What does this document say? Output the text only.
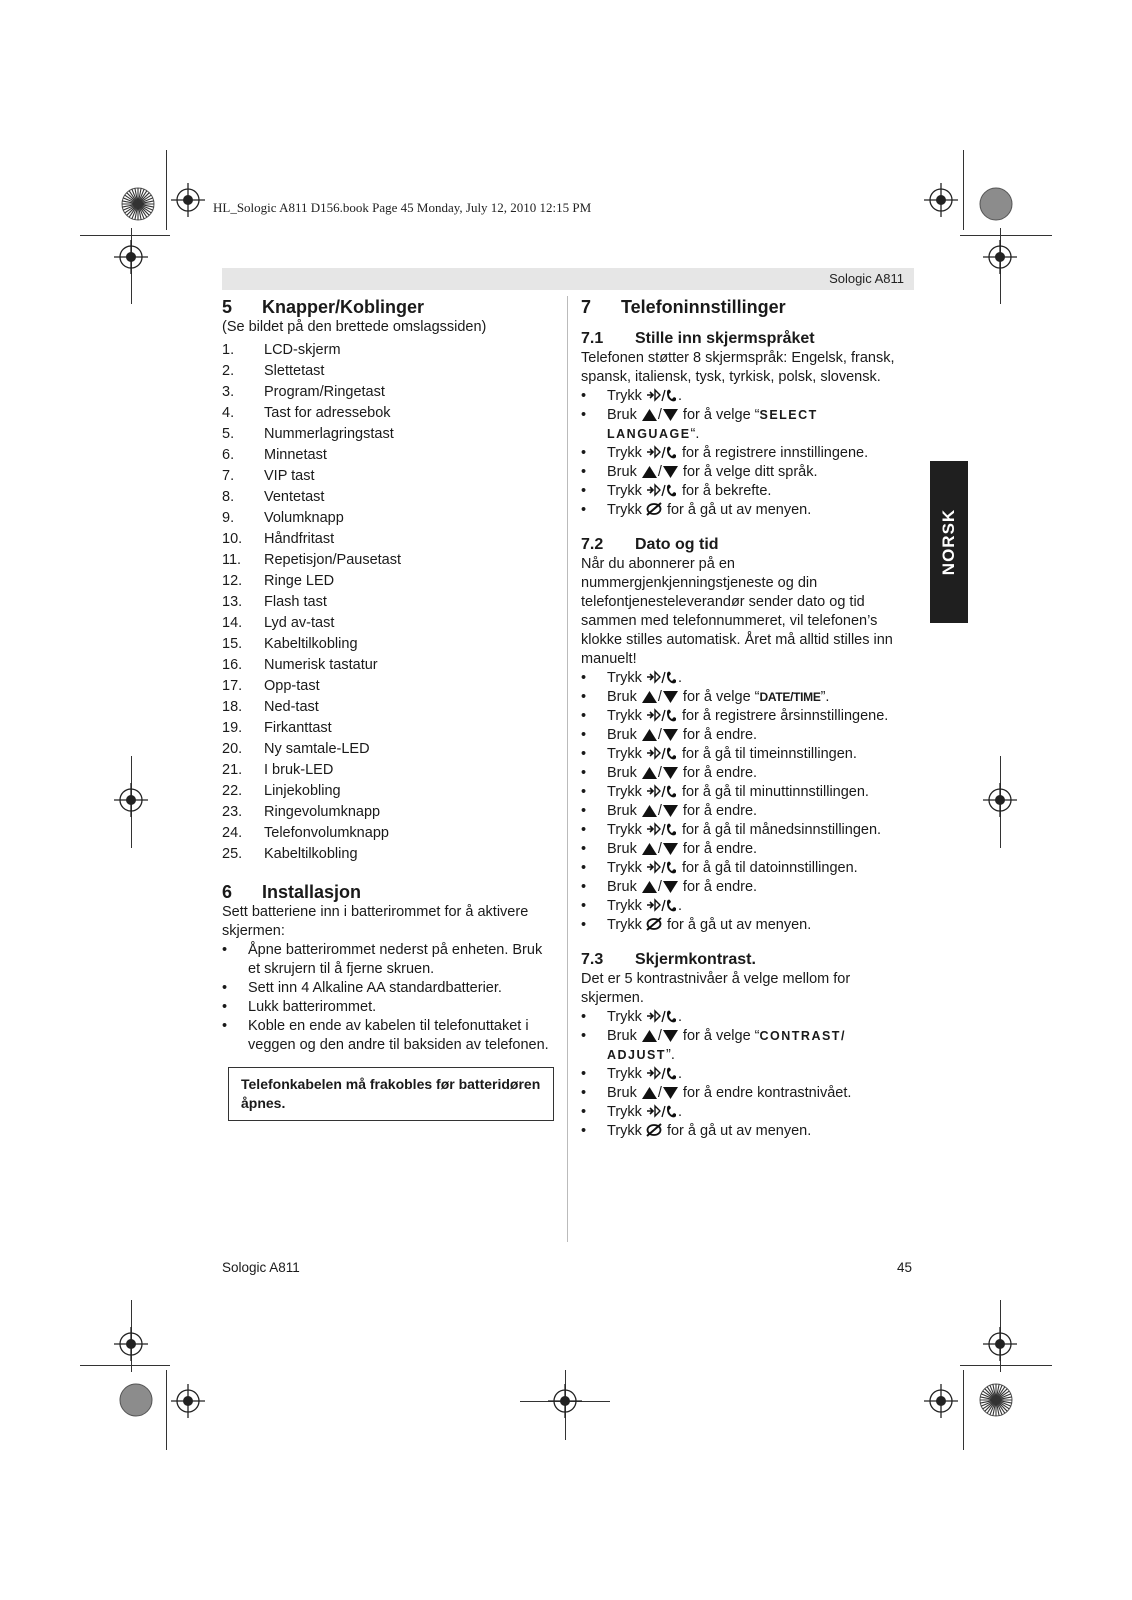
HL_Sologic A811 D156.book Page 45 Monday, July 12, 2010 12:15 PM
Sologic A811
NORSK
5	Knapper/Koblinger

(Se bildet på den brettede omslagssiden)

1.	LCD-skjerm
2.	Slettetast
3.	Program/Ringetast
4.	Tast for adressebok
5.	Nummerlagringstast
6.	Minnetast
7.	VIP tast
8.	Ventetast
9.	Volumknapp
10.	Håndfritast
11.	Repetisjon/Pausetast
12.	Ringe LED
13.	Flash tast
14.	Lyd av-tast
15.	Kabeltilkobling
16.	Numerisk tastatur
17.	Opp-tast
18.	Ned-tast
19.	Firkanttast
20.	Ny samtale-LED
21.	I bruk-LED
22.	Linjekobling
23.	Ringevolumknapp
24.	Telefonvolumknapp
25.	Kabeltilkobling
6	Installasjon

Sett batteriene inn i batterirommet for å aktivere skjermen:

•	Åpne batterirommet nederst på enheten. Bruk et skrujern til å fjerne skruen.
•	Sett inn 4 Alkaline AA standardbatterier.
•	Lukk batterirommet.
•	Koble en ende av kabelen til telefonuttaket i veggen og den andre til baksiden av telefonen.
Telefonkabelen må frakobles før batteridøren åpnes.
7	Telefoninnstillinger
7.1	Stille inn skjermspråket

Telefonen støtter 8 skjermspråk: Engelsk, fransk, spansk, italiensk, tysk, tyrkisk, polsk, slovensk.

•	Trykk .
•	Bruk / for å velge “SELECT
LANGUAGE“.
•	Trykk	for å registrere innstillingene.
•	Bruk / for å velge ditt språk.
•	Trykk	for å bekrefte.
•	Trykk for å gå ut av menyen.
7.2	Dato og tid

Når du abonnerer på en nummergjenkjenningstjeneste og din telefontjenesteleverandør sender dato og tid sammen med telefonnummeret, vil telefonen’s klokke stilles automatisk. Året må alltid stilles inn manuelt!

•	Trykk .
•	Bruk / for å velge “DATE/TIME”.
•	Trykk	for å registrere årsinnstillingene.
•	Bruk / for å endre.
•	Trykk	for å gå til timeinnstillingen.
•	Bruk / for å endre.
•	Trykk	for å gå til minuttinnstillingen.
•	Bruk / for å endre.
•	Trykk	for å gå til månedsinnstillingen.
•	Bruk / for å endre.
•	Trykk	for å gå til datoinnstillingen.
•	Bruk / for å endre.
•	Trykk .
•	Trykk for å gå ut av menyen.
7.3	Skjermkontrast.

Det er 5 kontrastnivåer å velge mellom for skjermen.

•	Trykk .
•	Bruk / for å velge “CONTRAST/
ADJUST”.
•	Trykk .
•	Bruk / for å endre kontrastnivået.
•	Trykk .
•	Trykk for å gå ut av menyen.
Sologic A811	45
